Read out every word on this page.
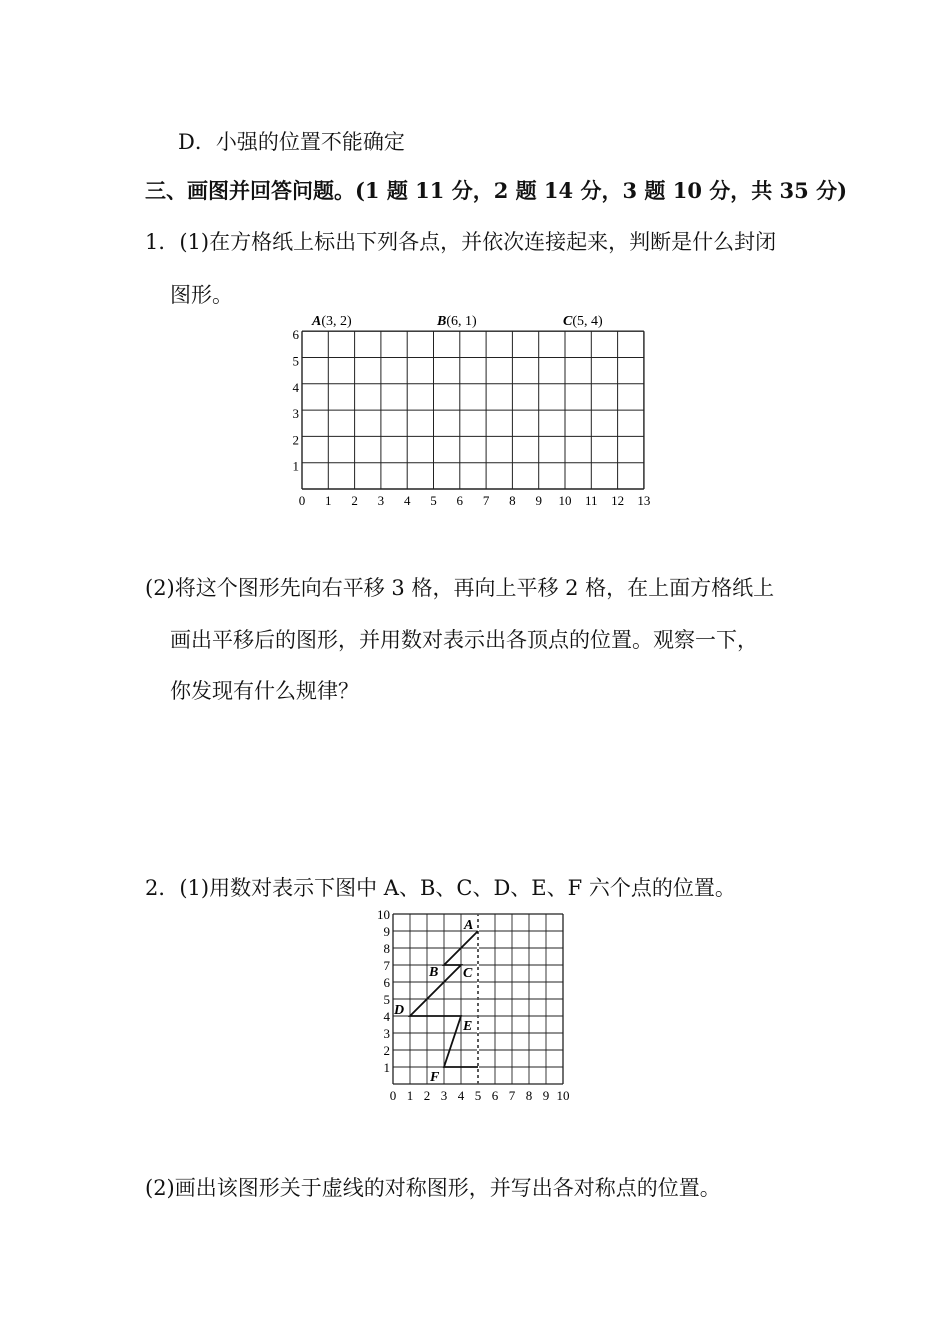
D．小强的位置不能确定
三、画图并回答问题。(1 题 11 分，2 题 14 分，3 题 10 分，共 35 分)
1．(1)在方格纸上标出下列各点，并依次连接起来，判断是什么封闭
图形。
A(3, 2)	B(6, 1)	C(5, 4)
0 1 2 3 4 5 6 7 8 9 10 11 12 13
1
2
3
4
5
6
(2)将这个图形先向右平移 3 格，再向上平移 2 格，在上面方格纸上
画出平移后的图形，并用数对表示出各顶点的位置。观察一下，
你发现有什么规律？
2．(1)用数对表示下图中 A、B、C、D、E、F 六个点的位置。
A
B C
D
E
F
0 1 2 3 4 5 6 7 8 9 10
1
2
3
4
5
6
7
8
9
10
(2)画出该图形关于虚线的对称图形，并写出各对称点的位置。
